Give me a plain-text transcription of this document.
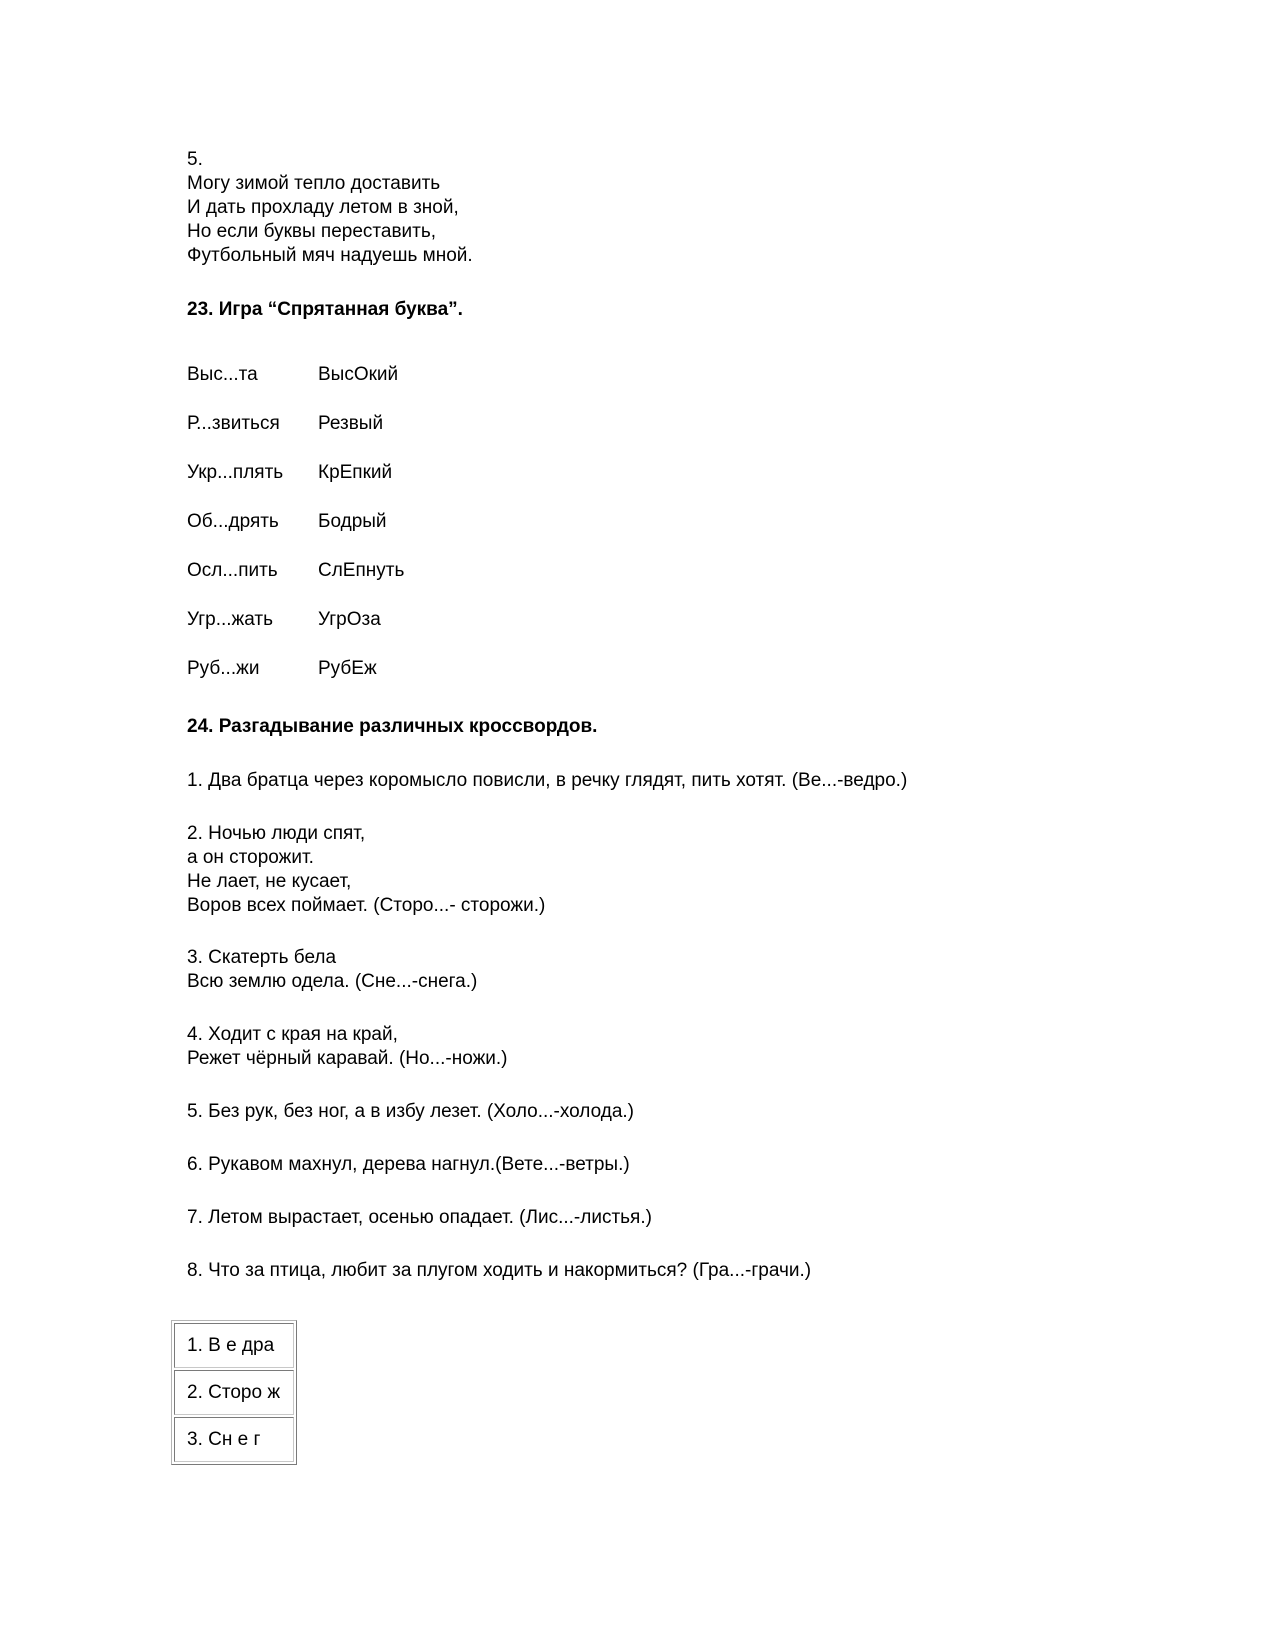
5.
Могу зимой тепло доставить
И дать прохладу летом в зной,
Но если буквы переставить,
Футбольный мяч надуешь мной.
23. Игра “Спрятанная буква”.
Выс...та	ВысОкий
Р...звиться	Резвый
Укр...плять	КрЕпкий
Об...дрять	Бодрый
Осл...пить	СлЕпнуть
Угр...жать	УгрОза
Руб...жи	РубЕж
24. Разгадывание различных кроссвордов.
1. Два братца через коромысло повисли, в речку глядят, пить хотят. (Ве...-ведро.)
2. Ночью люди спят,
а он сторожит.
Не лает, не кусает,
Воров всех поймает. (Сторо...- сторожи.)
3. Скатерть бела
Всю землю одела. (Сне...-снега.)
4. Ходит с края на край,
Режет чёрный каравай. (Но...-ножи.)
5. Без рук, без ног, а в избу лезет. (Холо...-холода.)
6. Рукавом махнул, дерева нагнул.(Вете...-ветры.)
7. Летом вырастает, осенью опадает. (Лис...-листья.)
8. Что за птица, любит за плугом ходить и накормиться? (Гра...-грачи.)
1. В е дра
2. Сторо ж
3. Сн е г
